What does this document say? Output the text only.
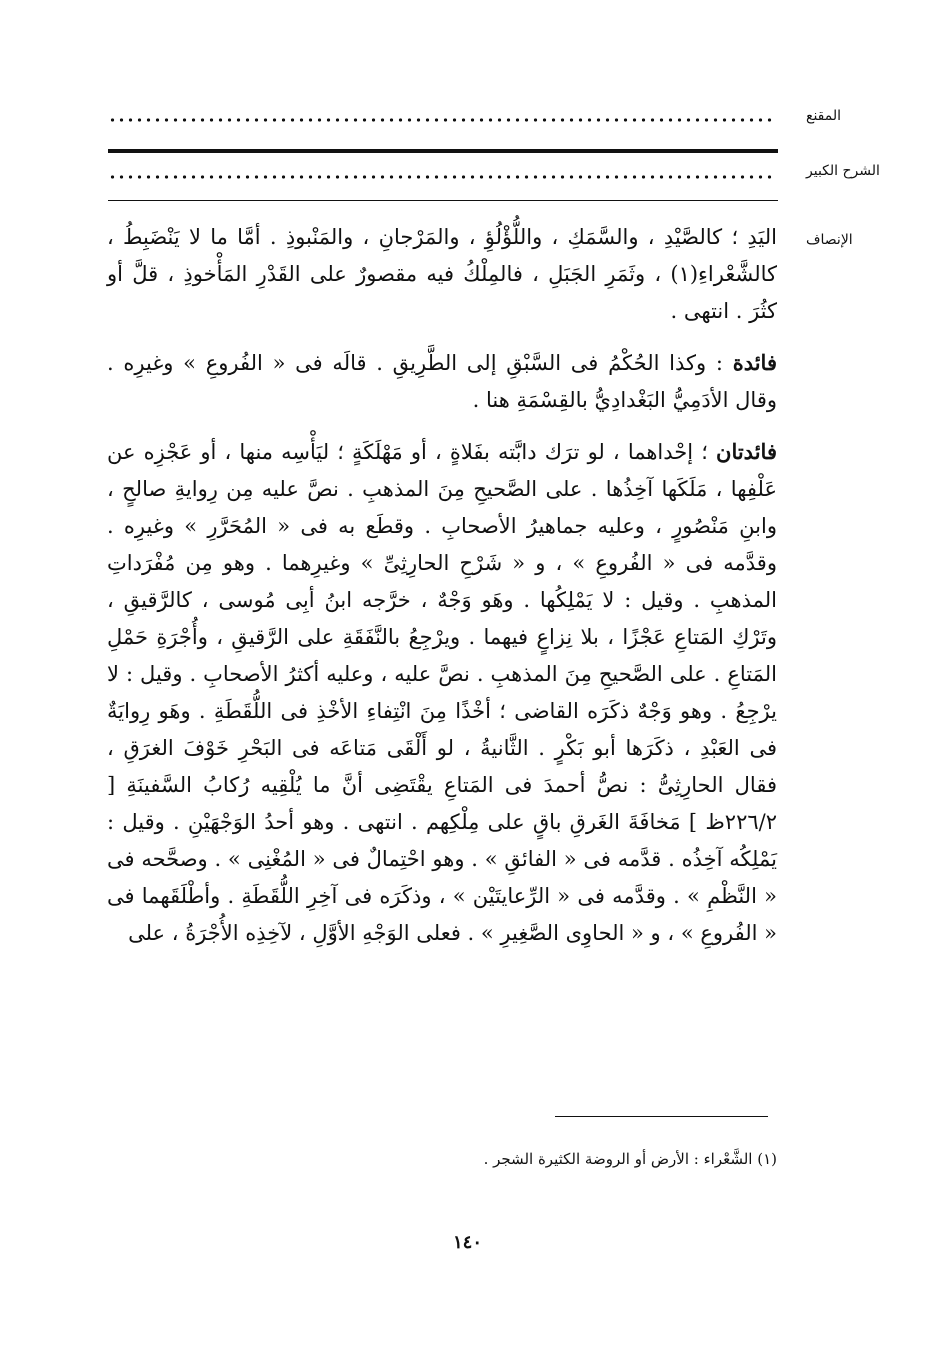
المقنع
الشرح الكبير
الإنصاف

اليَدِ ؛ كالصَّيْدِ ، والسَّمَكِ ، واللُّؤْلُؤِ ، والمَرْجانِ ، والمَنْبوذِ . أمَّا ما لا يَنْضَبِطُ ، كالشَّعْراءِ(١) ، وثَمَرِ الجَبَلِ ، فالمِلْكُ فيه مقصورٌ على القَدْرِ المَأْخوذِ ، قلَّ أو كثُرَ . انتهى .

فائدة : وكذا الحُكْمُ فى السَّبْقِ إلى الطَّرِيقِ . قالَه فى « الفُروعِ » وغيرِه . وقال الأدَمِيُّ البَغْدادِيُّ بالقِسْمَةِ هنا .

فائدتان ؛ إحْداهما ، لو ترَك دابَّته بفَلاةٍ ، أو مَهْلَكَةٍ ؛ ليَأْسِه منها ، أو عَجْزِه عن عَلْفِها ، مَلَكَها آخِذُها . على الصَّحيحِ مِنَ المذهبِ . نصَّ عليه مِن رِوايةِ صالحٍ ، وابنِ مَنْصُورٍ ، وعليه جماهيرُ الأصحابِ . وقطَع به فى « المُحَرَّرِ » وغيرِه . وقدَّمه فى « الفُروعِ » ، و « شَرْحِ الحارِثِىِّ » وغيرِهما . وهو مِن مُفْرَداتِ المذهبِ . وقيل : لا يَمْلِكُها . وهَو وَجْهٌ ، خرَّجه ابنُ أبِى مُوسى ، كالرَّقيقِ ، وتَرْكِ المَتاعِ عَجْزًا ، بلا نِزاعٍ فيهما . ويرْجِعُ بالنَّفَقَةِ على الرَّقيقِ ، وأُجْرَةِ حَمْلِ المَتاعِ . على الصَّحيحِ مِنَ المذهبِ . نصَّ عليه ، وعليه أكثرُ الأصحابِ . وقيل : لا يرْجِعُ . وهو وَجْهٌ ذكَرَه القاضى ؛ أخْذًا مِنَ انْتِفاءِ الأخْذِ فى اللُّقَطَةِ . وهَو رِوايَةٌ فى العَبْدِ ، ذكَرَها أبو بَكْرٍ . الثَّانيةُ ، لو أَلْقَى مَتاعَه فى البَحْرِ خَوْفَ الغرَقِ ، فقال الحارِثِىُّ : نصُّ أحمدَ فى المَتاعِ يقْتَضِى أنَّ ما يُلْقِيه رُكابُ السَّفينَةِ [ ٢٢٦/٢ظ ] مَخافَةَ الغَرقِ باقٍ على مِلْكِهم . انتهى . وهو أحدُ الوَجْهَيْنِ . وقيل : يَمْلِكُه آخِذُه . قدَّمه فى « الفائقِ » . وهو احْتِمالٌ فى « المُغْنِى » . وصحَّحه فى « النَّظْمِ » . وقدَّمه فى « الرِّعايتَيْن » ، وذكَرَه فى آخِرِ اللُّقَطَةِ . وأطْلَقَهما فى « الفُروعِ » ، و « الحاوِى الصَّغِيرِ » . فعلى الوَجْهِ الأوَّلِ ، لآخِذِه الأُجْرَةُ ، على

(١) الشَّعْراء : الأرض أو الروضة الكثيرة الشجر .
١٤٠
